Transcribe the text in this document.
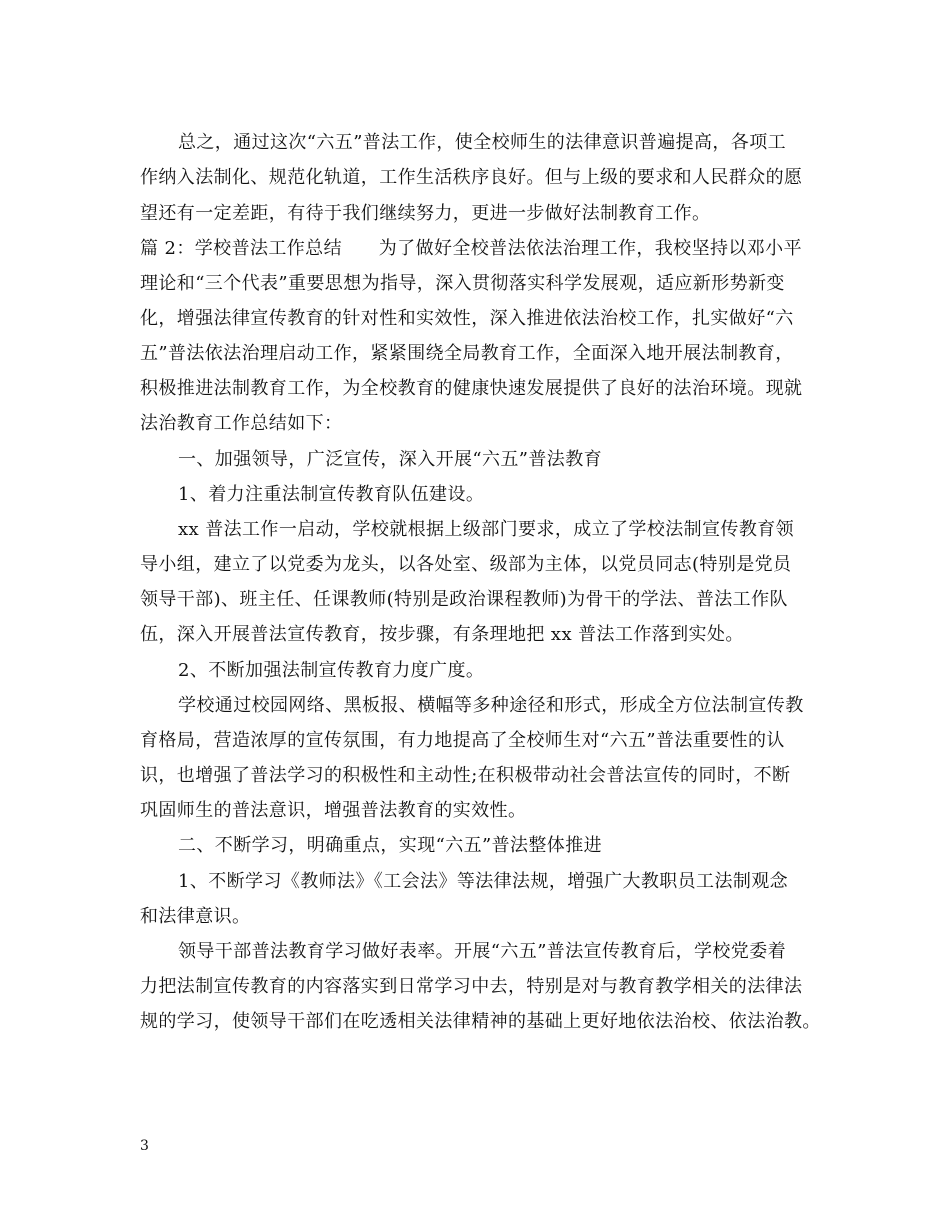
总之，通过这次“六五”普法工作，使全校师生的法律意识普遍提高，各项工
作纳入法制化、规范化轨道，工作生活秩序良好。但与上级的要求和人民群众的愿
望还有一定差距，有待于我们继续努力，更进一步做好法制教育工作。
篇 2：学校普法工作总结　　为了做好全校普法依法治理工作，我校坚持以邓小平
理论和“三个代表”重要思想为指导，深入贯彻落实科学发展观，适应新形势新变
化，增强法律宣传教育的针对性和实效性，深入推进依法治校工作，扎实做好“六
五”普法依法治理启动工作，紧紧围绕全局教育工作，全面深入地开展法制教育，
积极推进法制教育工作，为全校教育的健康快速发展提供了良好的法治环境。现就
法治教育工作总结如下：
一、加强领导，广泛宣传，深入开展“六五”普法教育
1、着力注重法制宣传教育队伍建设。
xx 普法工作一启动，学校就根据上级部门要求，成立了学校法制宣传教育领
导小组，建立了以党委为龙头，以各处室、级部为主体，以党员同志(特别是党员
领导干部)、班主任、任课教师(特别是政治课程教师)为骨干的学法、普法工作队
伍，深入开展普法宣传教育，按步骤，有条理地把 xx 普法工作落到实处。
2、不断加强法制宣传教育力度广度。
学校通过校园网络、黑板报、横幅等多种途径和形式，形成全方位法制宣传教
育格局，营造浓厚的宣传氛围，有力地提高了全校师生对“六五”普法重要性的认
识，也增强了普法学习的积极性和主动性;在积极带动社会普法宣传的同时，不断
巩固师生的普法意识，增强普法教育的实效性。
二、不断学习，明确重点，实现“六五”普法整体推进
1、不断学习《教师法》《工会法》等法律法规，增强广大教职员工法制观念
和法律意识。
领导干部普法教育学习做好表率。开展“六五”普法宣传教育后，学校党委着
力把法制宣传教育的内容落实到日常学习中去，特别是对与教育教学相关的法律法
规的学习，使领导干部们在吃透相关法律精神的基础上更好地依法治校、依法治教。
3
